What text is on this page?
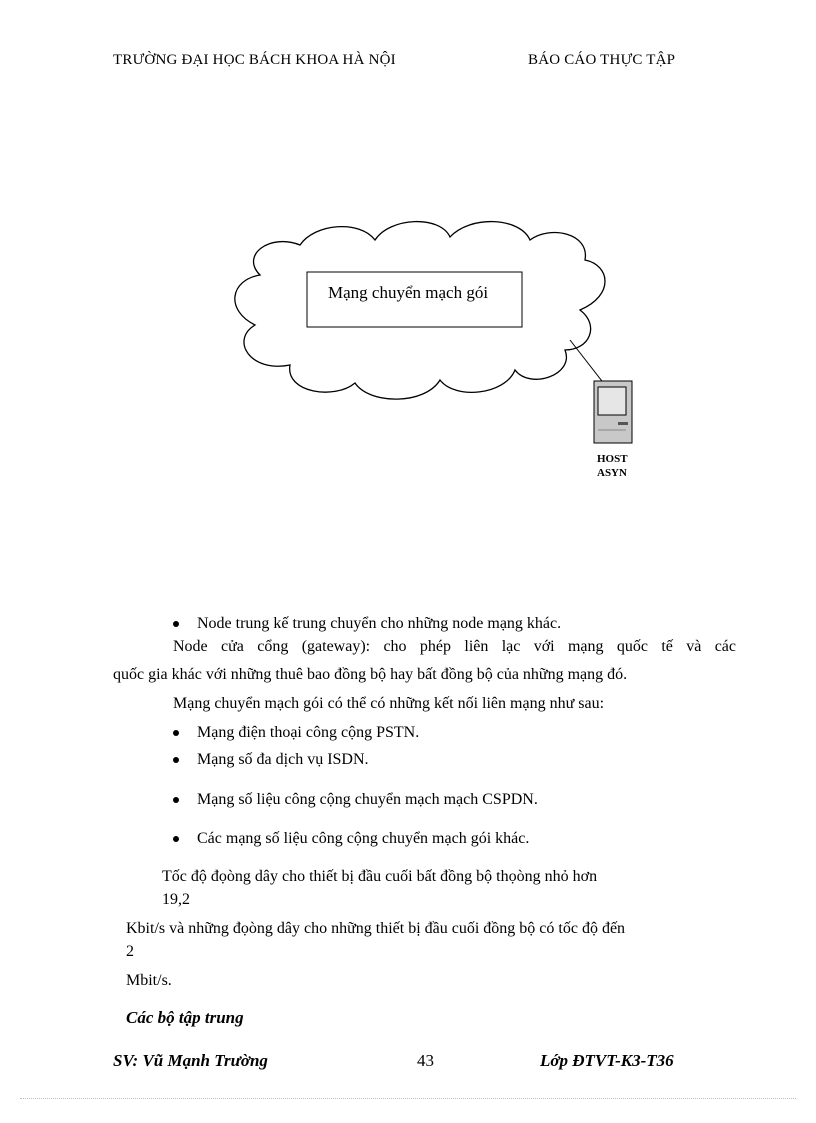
TRƯỜNG ĐẠI HỌC BÁCH KHOA HÀ NỘI	BÁO CÁO THỰC TẬP
Mạng chuyển mạch gói
HOST
ASYN
Node trung kế trung chuyển cho những node mạng khác.
Node cửa cổng (gateway): cho phép liên lạc với mạng quốc tế và các
quốc gia khác với những thuê bao đồng bộ hay bất đồng bộ của những mạng đó.
Mạng chuyển mạch gói có thể có những kết nối liên mạng như sau:
Mạng điện thoại công cộng PSTN.
Mạng số đa dịch vụ ISDN.
Mạng số liệu công cộng chuyển mạch mạch CSPDN.
Các mạng số liệu công cộng chuyển mạch gói khác.
Tốc độ đọòng dây cho thiết bị đầu cuối bất đồng bộ thọòng nhỏ hơn
19,2
Kbit/s và những đọòng dây cho những thiết bị đầu cuối đồng bộ có tốc độ đến
2
Mbit/s.
Các bộ tập trung
SV: Vũ Mạnh Trường	43	Lớp ĐTVT-K3-T36
